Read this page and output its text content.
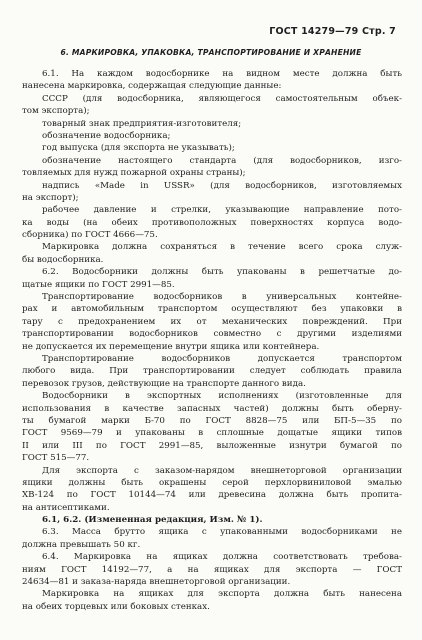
ГОСТ 14279—79 Стр. 7
6. МАРКИРОВКА, УПАКОВКА, ТРАНСПОРТИРОВАНИЕ И ХРАНЕНИЕ
6.1. На каждом водосборнике на видном месте должна быть
нанесена маркировка, содержащая следующие данные:
СССР (для водосборника, являющегося самостоятельным объек-
том экспорта);
товарный знак предприятия-изготовителя;
обозначение водосборника;
год выпуска (для экспорта не указывать);
обозначение настоящего стандарта (для водосборников, изго-
товляемых для нужд пожарной охраны страны);
надпись «Made in USSR» (для водосборников, изготовляемых
на экспорт);
рабочее давление и стрелки, указывающие направление пото-
ка воды (на обеих противоположных поверхностях корпуса водо-
сборника) по ГОСТ 4666—75.
Маркировка должна сохраняться в течение всего срока служ-
бы водосборника.
6.2. Водосборники должны быть упакованы в решетчатые до-
щатые ящики по ГОСТ 2991—85.
Транспортирование водосборников в универсальных контейне-
рах и автомобильным транспортом осуществляют без упаковки в
тару с предохранением их от механических повреждений. При
транспортировании водосборников совместно с другими изделиями
не допускается их перемещение внутри ящика или контейнера.
Транспортирование водосборников допускается транспортом
любого вида. При транспортировании следует соблюдать правила
перевозок грузов, действующие на транспорте данного вида.
Водосборники в экспортных исполнениях (изготовленные для
использования в качестве запасных частей) должны быть оберну-
ты бумагой марки Б-70 по ГОСТ 8828—75 или БП-5—35 по
ГОСТ 9569—79 и упакованы в сплошные дощатые ящики типов
II или III по ГОСТ 2991—85, выложенные изнутри бумагой по
ГОСТ 515—77.
Для экспорта с заказом-нарядом внешнеторговой организации
ящики должны быть окрашены серой перхлорвиниловой эмалью
ХВ-124 по ГОСТ 10144—74 или древесина должна быть пропита-
на антисептиками.
6.1, 6.2. (Измененная редакция, Изм. № 1).
6.3. Масса брутто ящика с упакованными водосборниками не
должна превышать 50 кг.
6.4. Маркировка на ящиках должна соответствовать требова-
ниям ГОСТ 14192—77, а на ящиках для экспорта — ГОСТ
24634—81 и заказа-наряда внешнеторговой организации.
Маркировка на ящиках для экспорта должна быть нанесена
на обеих торцевых или боковых стенках.
